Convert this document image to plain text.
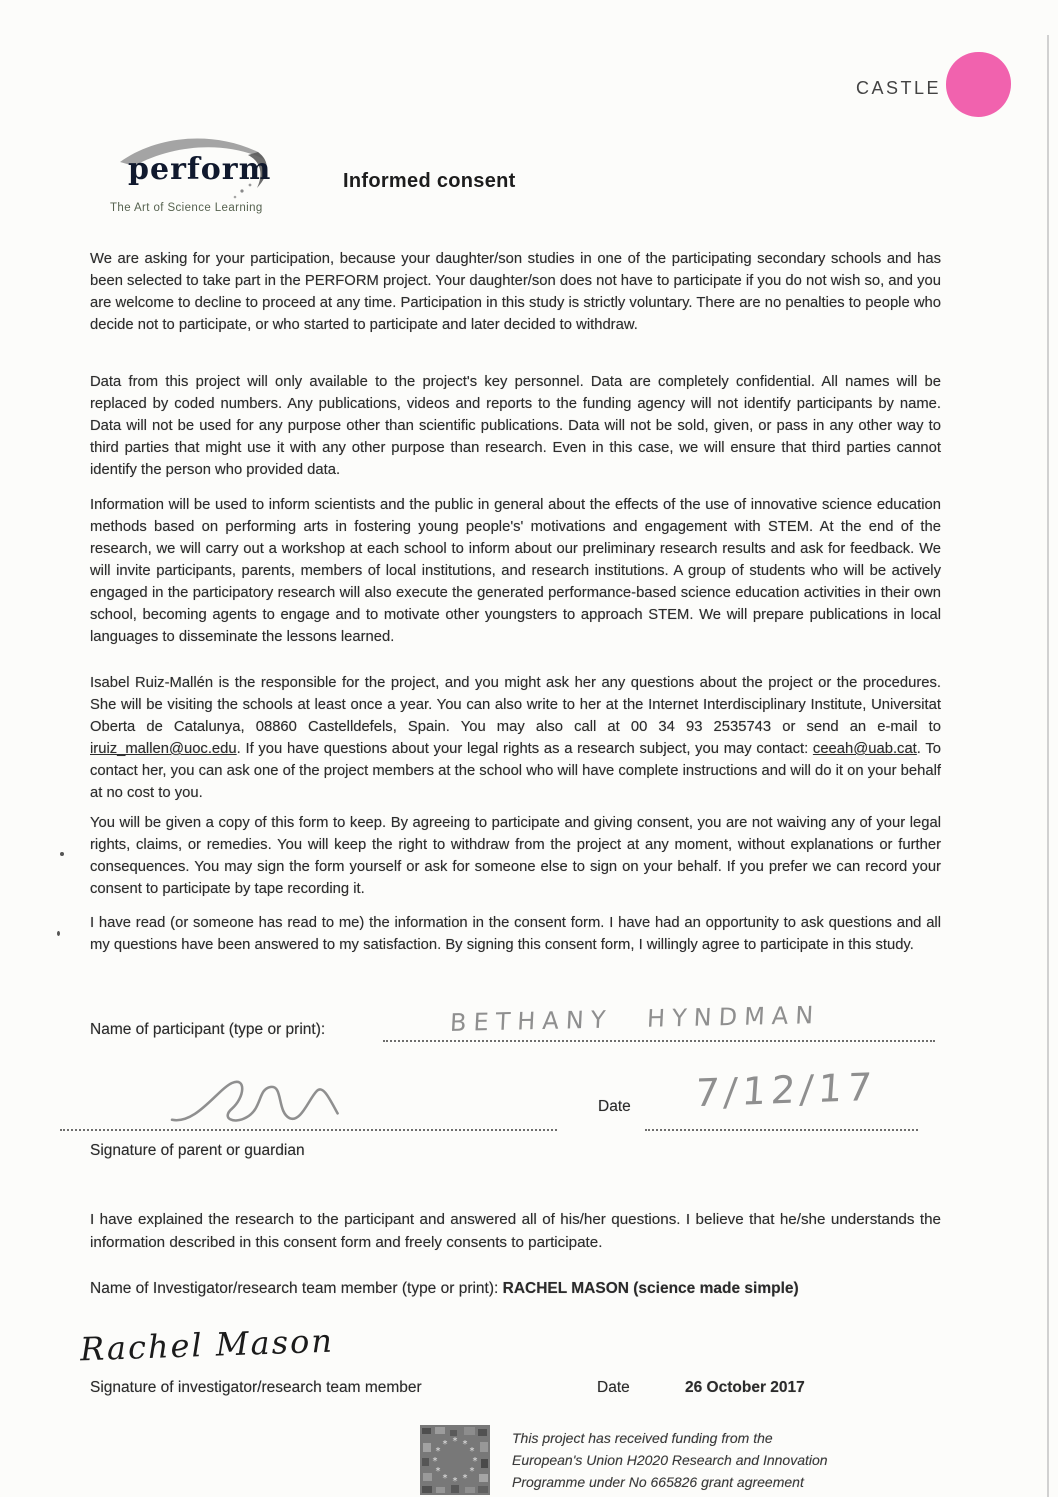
CASTLE
perform
The Art of Science Learning
Informed consent
We are asking for your participation, because your daughter/son studies in one of the participating secondary schools and has been selected to take part in the PERFORM project. Your daughter/son does not have to participate if you do not wish so, and you are welcome to decline to proceed at any time. Participation in this study is strictly voluntary. There are no penalties to people who decide not to participate, or who started to participate and later decided to withdraw.
Data from this project will only available to the project's key personnel. Data are completely confidential. All names will be replaced by coded numbers. Any publications, videos and reports to the funding agency will not identify participants by name. Data will not be used for any purpose other than scientific publications. Data will not be sold, given, or pass in any other way to third parties that might use it with any other purpose than research. Even in this case, we will ensure that third parties cannot identify the person who provided data.
Information will be used to inform scientists and the public in general about the effects of the use of innovative science education methods based on performing arts in fostering young people's' motivations and engagement with STEM. At the end of the research, we will carry out a workshop at each school to inform about our preliminary research results and ask for feedback. We will invite participants, parents, members of local institutions, and research institutions. A group of students who will be actively engaged in the participatory research will also execute the generated performance-based science education activities in their own school, becoming agents to engage and to motivate other youngsters to approach STEM. We will prepare publications in local languages to disseminate the lessons learned.
Isabel Ruiz-Mallén is the responsible for the project, and you might ask her any questions about the project or the procedures. She will be visiting the schools at least once a year. You can also write to her at the Internet Interdisciplinary Institute, Universitat Oberta de Catalunya, 08860 Castelldefels, Spain. You may also call at 00 34 93 2535743 or send an e-mail to iruiz_mallen@uoc.edu. If you have questions about your legal rights as a research subject, you may contact: ceeah@uab.cat. To contact her, you can ask one of the project members at the school who will have complete instructions and will do it on your behalf at no cost to you.
You will be given a copy of this form to keep. By agreeing to participate and giving consent, you are not waiving any of your legal rights, claims, or remedies. You will keep the right to withdraw from the project at any moment, without explanations or further consequences. You may sign the form yourself or ask for someone else to sign on your behalf. If you prefer we can record your consent to participate by tape recording it.
I have read (or someone has read to me) the information in the consent form. I have had an opportunity to ask questions and all my questions have been answered to my satisfaction. By signing this consent form, I willingly agree to participate in this study.
Name of participant (type or print):	BETHANY HYNDMAN
Date 7/12/17
Signature of parent or guardian
I have explained the research to the participant and answered all of his/her questions. I believe that he/she understands the information described in this consent form and freely consents to participate.
Name of Investigator/research team member (type or print): RACHEL MASON (science made simple)
Rachel Mason
Signature of investigator/research team member	Date	26 October 2017
*
*
*
*
*
*
*
*
* * *
*
This project has received funding from the
European's Union H2020 Research and Innovation
Programme under No 665826 grant agreement
